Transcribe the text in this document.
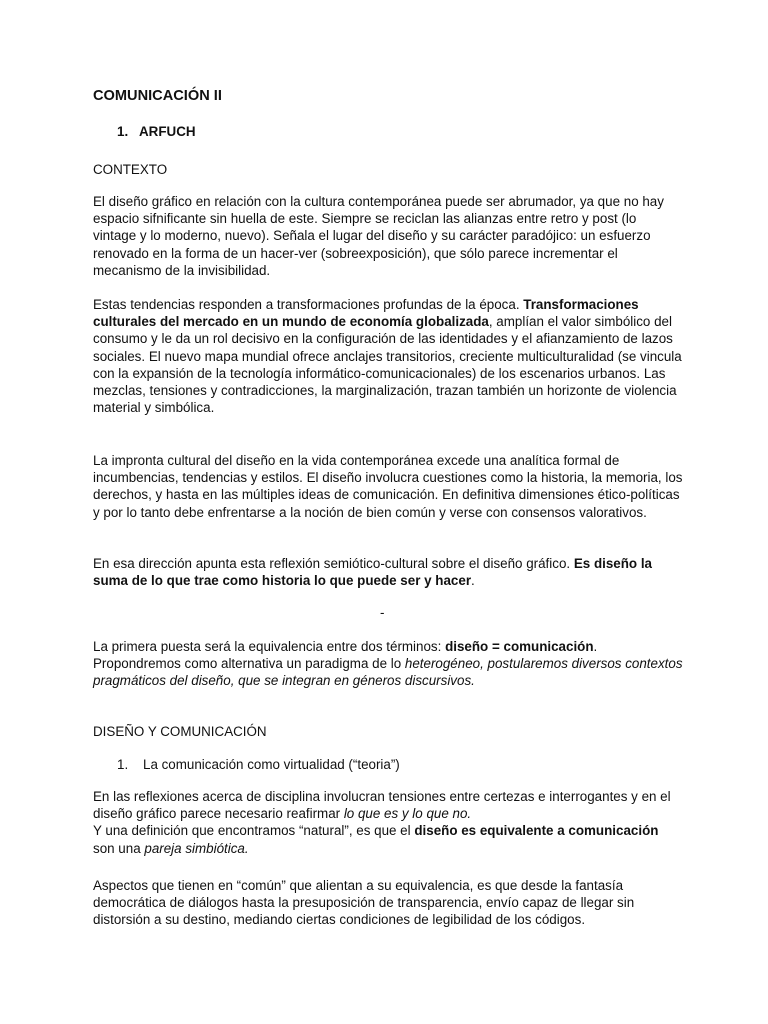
COMUNICACIÓN II
1. ARFUCH
CONTEXTO

El diseño gráfico en relación con la cultura contemporánea puede ser abrumador, ya que no hay espacio sifnificante sin huella de este. Siempre se reciclan las alianzas entre retro y post (lo vintage y lo moderno, nuevo). Señala el lugar del diseño y su carácter paradójico: un esfuerzo renovado en la forma de un hacer-ver (sobreexposición), que sólo parece incrementar el mecanismo de la invisibilidad.

Estas tendencias responden a transformaciones profundas de la época. Transformaciones culturales del mercado en un mundo de economía globalizada, amplían el valor simbólico del consumo y le da un rol decisivo en la configuración de las identidades y el afianzamiento de lazos sociales. El nuevo mapa mundial ofrece anclajes transitorios, creciente multiculturalidad (se vincula con la expansión de la tecnología informático-comunicacionales) de los escenarios urbanos. Las mezclas, tensiones y contradicciones, la marginalización, trazan también un horizonte de violencia material y simbólica.

La impronta cultural del diseño en la vida contemporánea excede una analítica formal de incumbencias, tendencias y estilos. El diseño involucra cuestiones como la historia, la memoria, los derechos, y hasta en las múltiples ideas de comunicación. En definitiva dimensiones ético-políticas y por lo tanto debe enfrentarse a la noción de bien común y verse con consensos valorativos.

En esa dirección apunta esta reflexión semiótico-cultural sobre el diseño gráfico. Es diseño la suma de lo que trae como historia lo que puede ser y hacer.

-

La primera puesta será la equivalencia entre dos términos: diseño = comunicación. Propondremos como alternativa un paradigma de lo heterogéneo, postularemos diversos contextos pragmáticos del diseño, que se integran en géneros discursivos.

DISEÑO Y COMUNICACIÓN
1. La comunicación como virtualidad (“teoria”)

En las reflexiones acerca de disciplina involucran tensiones entre certezas e interrogantes y en el diseño gráfico parece necesario reafirmar lo que es y lo que no.
Y una definición que encontramos “natural”, es que el diseño es equivalente a comunicación son una pareja simbiótica.

Aspectos que tienen en “común” que alientan a su equivalencia, es que desde la fantasía democrática de diálogos hasta la presuposición de transparencia, envío capaz de llegar sin distorsión a su destino, mediando ciertas condiciones de legibilidad de los códigos.
